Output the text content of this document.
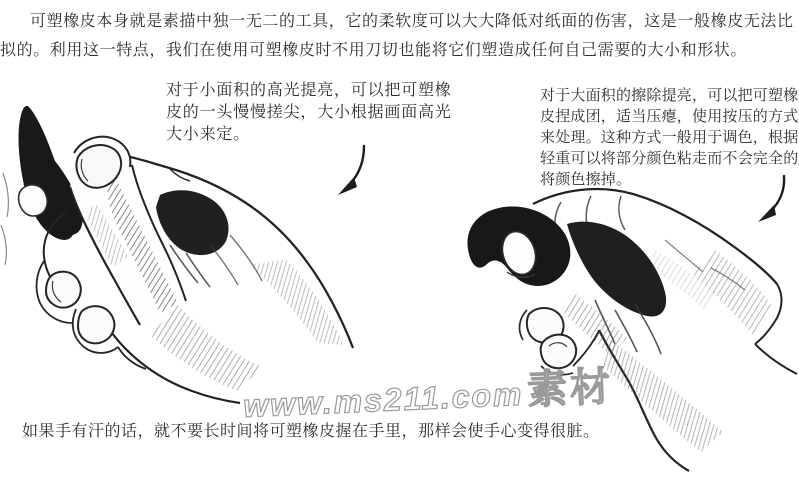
可塑橡皮本身就是素描中独一无二的工具，它的柔软度可以大大降低对纸面的伤害，这是一般橡皮无法比
拟的。利用这一特点，我们在使用可塑橡皮时不用刀切也能将它们塑造成任何自己需要的大小和形状。
对于小面积的高光提亮，可以把可塑橡
皮的一头慢慢搓尖，大小根据画面高光
大小来定。
对于大面积的擦除提亮，可以把可塑橡
皮捏成团，适当压瘪，使用按压的方式
来处理。这种方式一般用于调色，根据
轻重可以将部分颜色粘走而不会完全的
将颜色擦掉。
如果手有汗的话，就不要长时间将可塑橡皮握在手里，那样会使手心变得很脏。
www.ms211.com 素材
